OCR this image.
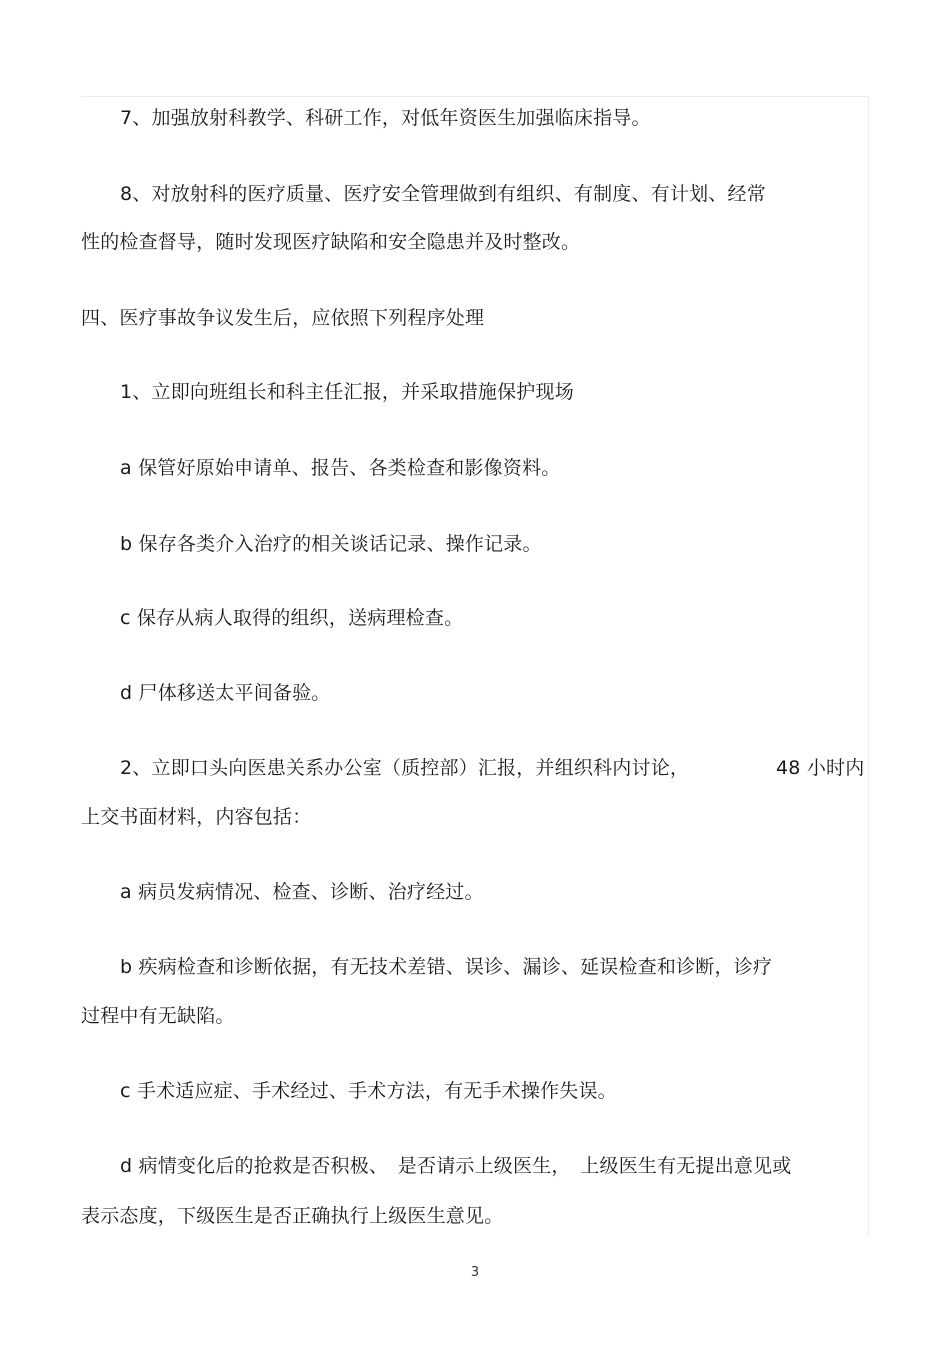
7、加强放射科教学、科研工作，对低年资医生加强临床指导。
8、对放射科的医疗质量、医疗安全管理做到有组织、有制度、有计划、经常
性的检查督导，随时发现医疗缺陷和安全隐患并及时整改。
四、医疗事故争议发生后，应依照下列程序处理
1、立即向班组长和科主任汇报，并采取措施保护现场
a 保管好原始申请单、报告、各类检查和影像资料。
b 保存各类介入治疗的相关谈话记录、操作记录。
c 保存从病人取得的组织，送病理检查。
d 尸体移送太平间备验。
2、立即口头向医患关系办公室（质控部）汇报，并组织科内讨论，	48 小时内
上交书面材料，内容包括：
a 病员发病情况、检查、诊断、治疗经过。
b 疾病检查和诊断依据，有无技术差错、误诊、漏诊、延误检查和诊断，诊疗
过程中有无缺陷。
c 手术适应症、手术经过、手术方法，有无手术操作失误。
d 病情变化后的抢救是否积极、　是否请示上级医生，　上级医生有无提出意见或
表示态度，下级医生是否正确执行上级医生意见。
3
